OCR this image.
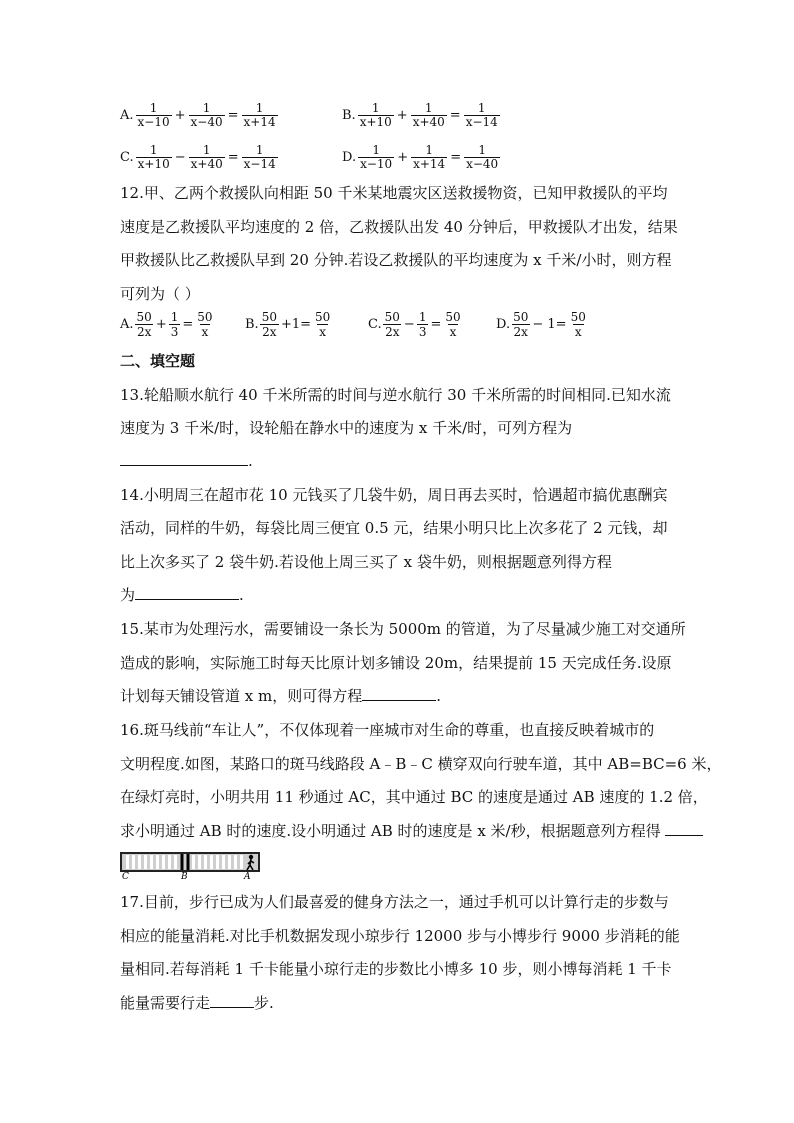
A. $\frac{1}{x-10} + \frac{1}{x-40} = \frac{1}{x+14}$	B. $\frac{1}{x+10} + \frac{1}{x+40} = \frac{1}{x-14}$
C. $\frac{1}{x+10} - \frac{1}{x+40} = \frac{1}{x-14}$	D. $\frac{1}{x-10} + \frac{1}{x+14} = \frac{1}{x-40}$
12.甲、乙两个救援队向相距 50 千米某地震灾区送救援物资，已知甲救援队的平均
速度是乙救援队平均速度的 2 倍，乙救援队出发 40 分钟后，甲救援队才出发，结果
甲救援队比乙救援队早到 20 分钟.若设乙救援队的平均速度为 x 千米/小时，则方程
可列为（ ）
A. $\frac{50}{2x} + \frac{1}{3} = \frac{50}{x} B$. $\frac{50}{2x} +1= \frac{50}{x}$	C. $\frac{50}{2x} - \frac{1}{3} = \frac{50}{x}$	D. $\frac{50}{2x} - 1= \frac{50}{x}$
二、填空题
13.轮船顺水航行 40 千米所需的时间与逆水航行 30 千米所需的时间相同.已知水流
速度为 3 千米/时，设轮船在静水中的速度为 x 千米/时，可列方程为
.
14.小明周三在超市花 10 元钱买了几袋牛奶，周日再去买时，恰遇超市搞优惠酬宾
活动，同样的牛奶，每袋比周三便宜 0.5 元，结果小明只比上次多花了 2 元钱，却
比上次多买了 2 袋牛奶.若设他上周三买了 x 袋牛奶，则根据题意列得方程
为	.
15.某市为处理污水，需要铺设一条长为 5000m 的管道，为了尽量减少施工对交通所
造成的影响，实际施工时每天比原计划多铺设 20m，结果提前 15 天完成任务.设原
计划每天铺设管道 x m，则可得方程	.
16.斑马线前“车让人”，不仅体现着一座城市对生命的尊重，也直接反映着城市的
文明程度.如图，某路口的斑马线路段 A﹣B﹣C 横穿双向行驶车道，其中 AB=BC=6 米，
在绿灯亮时，小明共用 11 秒通过 AC，其中通过 BC 的速度是通过 AB 速度的 1.2 倍，
求小明通过 AB 时的速度.设小明通过 AB 时的速度是 x 米/秒，根据题意列方程得
C	B	A
17.目前，步行已成为人们最喜爱的健身方法之一，通过手机可以计算行走的步数与
相应的能量消耗.对比手机数据发现小琼步行 12000 步与小博步行 9000 步消耗的能
量相同.若每消耗 1 千卡能量小琼行走的步数比小博多 10 步，则小博每消耗 1 千卡
能量需要行走	步.
